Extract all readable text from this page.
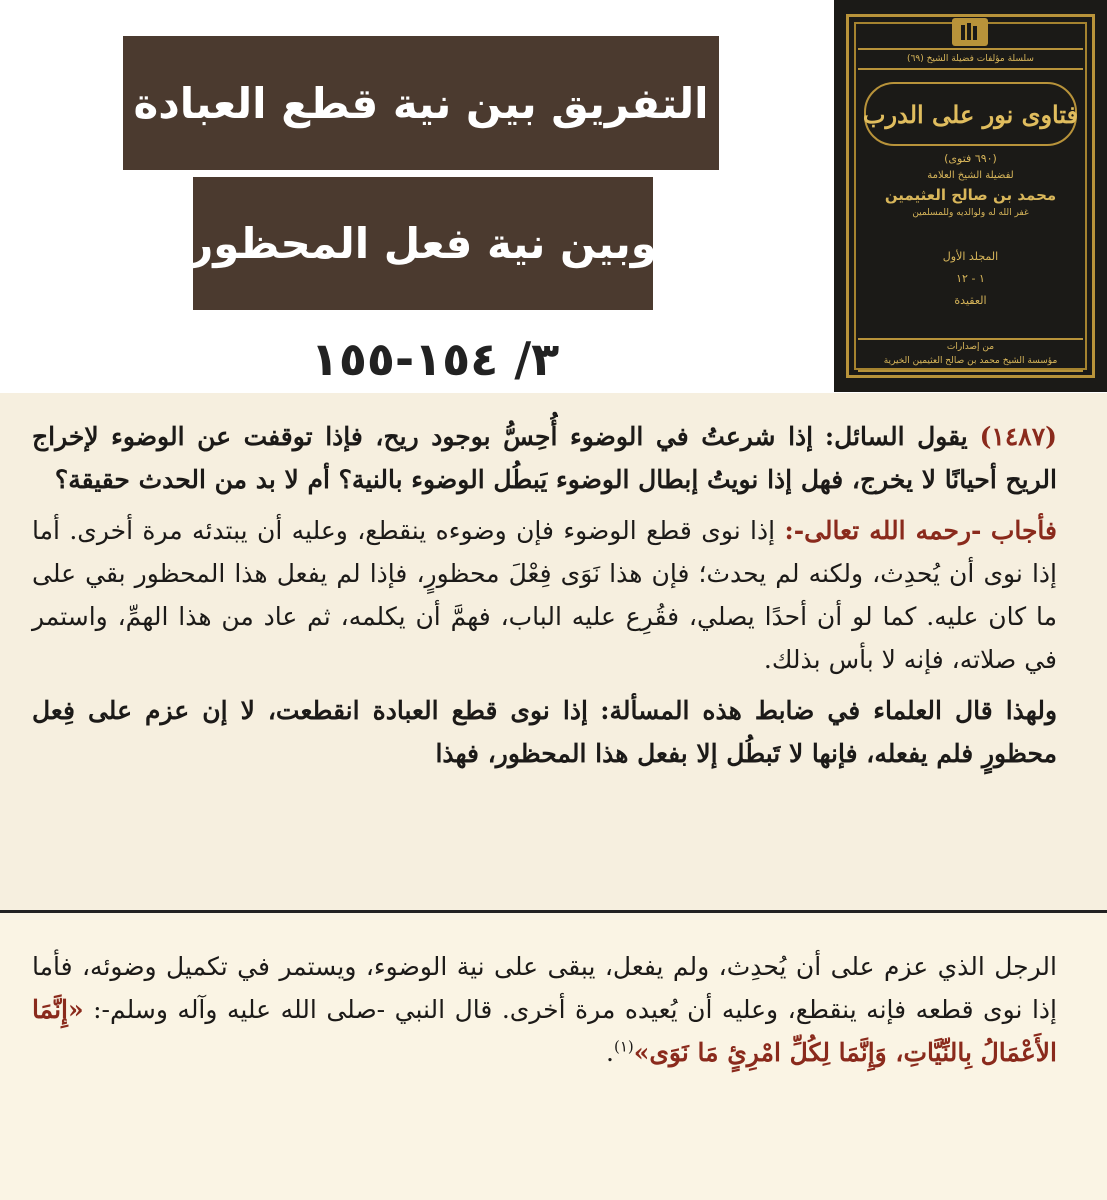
التفريق بين نية قطع العبادة
وبين نية فعل المحظور
٣/ ١٥٤-١٥٥
سلسلة مؤلفات فضيلة الشيخ (٦٩)
فتاوى نور على الدرب
(٦٩٠ فتوى)
لفضيلة الشيخ العلامة
محمد بن صالح العثيمين
غفر الله له ولوالديه وللمسلمين
المجلد الأول
١ - ١٢
العقيدة
من إصدارات
مؤسسة الشيخ محمد بن صالح العثيمين الخيرية

(١٤٨٧) يقول السائل: إذا شرعتُ في الوضوء أُحِسُّ بوجود ريح، فإذا توقفت عن الوضوء لإخراج الريح أحيانًا لا يخرج، فهل إذا نويتُ إبطال الوضوء يَبطُل الوضوء بالنية؟ أم لا بد من الحدث حقيقة؟

فأجاب -رحمه الله تعالى-: إذا نوى قطع الوضوء فإن وضوءه ينقطع، وعليه أن يبتدئه مرة أخرى. أما إذا نوى أن يُحدِث، ولكنه لم يحدث؛ فإن هذا نَوَى فِعْلَ محظورٍ، فإذا لم يفعل هذا المحظور بقي على ما كان عليه. كما لو أن أحدًا يصلي، فقُرِع عليه الباب، فهمَّ أن يكلمه، ثم عاد من هذا الهمِّ، واستمر في صلاته، فإنه لا بأس بذلك.

ولهذا قال العلماء في ضابط هذه المسألة: إذا نوى قطع العبادة انقطعت، لا إن عزم على فِعل محظورٍ فلم يفعله، فإنها لا تَبطُل إلا بفعل هذا المحظور، فهذا

الرجل الذي عزم على أن يُحدِث، ولم يفعل، يبقى على نية الوضوء، ويستمر في تكميل وضوئه، فأما إذا نوى قطعه فإنه ينقطع، وعليه أن يُعيده مرة أخرى. قال النبي -صلى الله عليه وآله وسلم-: «إِنَّمَا الأَعْمَالُ بِالنِّيَّاتِ، وَإِنَّمَا لِكُلِّ امْرِئٍ مَا نَوَى»$^{(١)}$.
